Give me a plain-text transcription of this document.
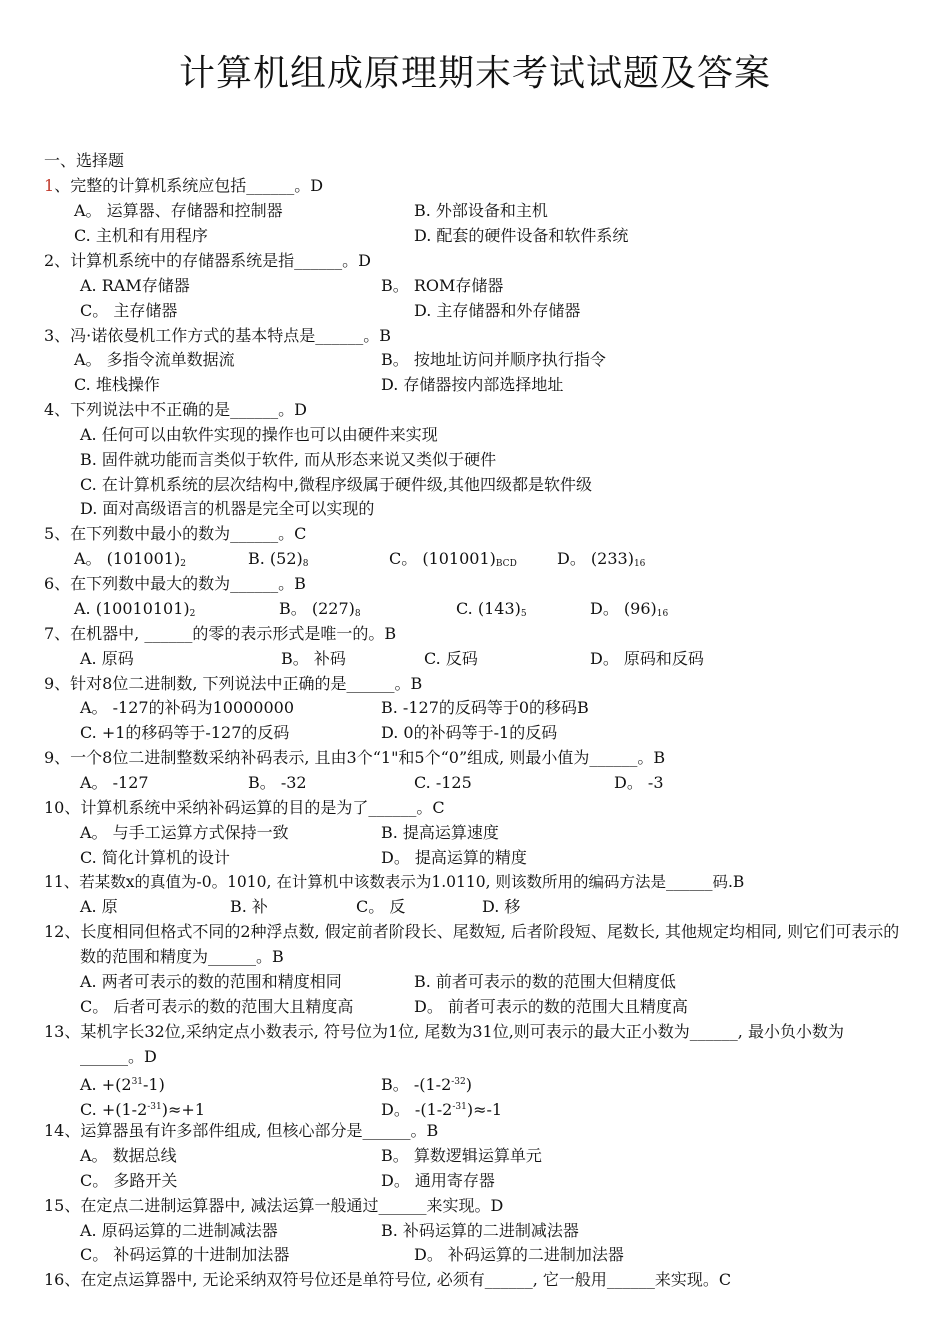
计算机组成原理期末考试试题及答案
一、选择题
1、完整的计算机系统应包括______。D
A。 运算器、存储器和控制器	B. 外部设备和主机
C. 主机和有用程序	D. 配套的硬件设备和软件系统
2、计算机系统中的存储器系统是指______。D
A. RAM存储器	B。 ROM存储器
C。 主存储器	D. 主存储器和外存储器
3、冯·诺依曼机工作方式的基本特点是______。B
A。 多指令流单数据流	B。 按地址访问并顺序执行指令
C. 堆栈操作	D. 存储器按内部选择地址
4、下列说法中不正确的是______。D
A. 任何可以由软件实现的操作也可以由硬件来实现
B. 固件就功能而言类似于软件, 而从形态来说又类似于硬件
C. 在计算机系统的层次结构中,微程序级属于硬件级,其他四级都是软件级
D. 面对高级语言的机器是完全可以实现的
5、在下列数中最小的数为______。C
A。 $(101001)_2$	B. $(52)_8$	C。 $(101001)_{BCD}$	D。 $(233)_{16}$
6、在下列数中最大的数为______。B
A. $(10010101)_2$	B。 $(227)_8$	C. $(143)_5$	D。 $(96)_{16}$
7、在机器中, ______的零的表示形式是唯一的。B
A. 原码	B。 补码	C. 反码	D。 原码和反码
9、针对8位二进制数, 下列说法中正确的是______。B
A。 -127的补码为10000000	B. -127的反码等于0的移码B
C. +1的移码等于-127的反码	D. 0的补码等于-1的反码
9、一个8位二进制整数采纳补码表示, 且由3个“1"和5个“0”组成, 则最小值为______。B
A。 -127	B。 -32	C. -125	D。 -3
10、计算机系统中采纳补码运算的目的是为了______。C
A。 与手工运算方式保持一致	B. 提高运算速度
C. 简化计算机的设计	D。 提高运算的精度
11、若某数x的真值为-0。1010, 在计算机中该数表示为1.0110, 则该数所用的编码方法是______码.B
A. 原	B. 补	C。 反	D. 移
12、长度相同但格式不同的2种浮点数, 假定前者阶段长、尾数短, 后者阶段短、尾数长, 其他规定均相同, 则它们可表示的数的范围和精度为______。B
A. 两者可表示的数的范围和精度相同	B. 前者可表示的数的范围大但精度低
C。 后者可表示的数的范围大且精度高	D。 前者可表示的数的范围大且精度高
13、某机字长32位,采纳定点小数表示, 符号位为1位, 尾数为31位,则可表示的最大正小数为______, 最小负小数为______。D
A. $+(2^{31}-1)$	B。 $-(1-2^{-32})$
C. $+(1-2^{-31})\approx+1$	D。 $-(1-2^{-31})\approx-1$
14、运算器虽有许多部件组成, 但核心部分是______。B
A。 数据总线	B。 算数逻辑运算单元
C。 多路开关	D。 通用寄存器
15、在定点二进制运算器中, 减法运算一般通过______来实现。D
A. 原码运算的二进制减法器	B. 补码运算的二进制减法器
C。 补码运算的十进制加法器	D。 补码运算的二进制加法器
16、在定点运算器中, 无论采纳双符号位还是单符号位, 必须有______, 它一般用______来实现。C
